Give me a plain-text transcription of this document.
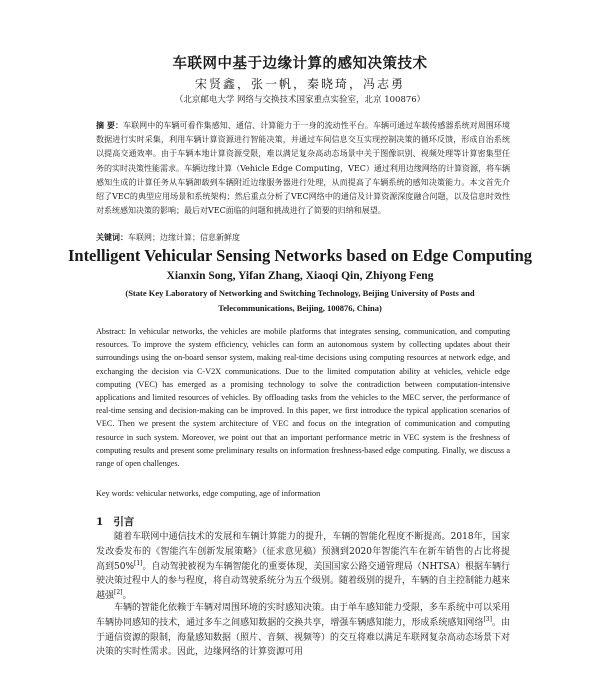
车联网中基于边缘计算的感知决策技术
宋贤鑫，张一帆，秦晓琦，冯志勇
（北京邮电大学 网络与交换技术国家重点实验室，北京 100876）
摘 要：车联网中的车辆可看作集感知、通信、计算能力于一身的流动性平台。车辆可通过车载传感器系统对周围环境数据进行实时采集，利用车辆计算资源进行智能决策，并通过车间信息交互实现控制决策的循环反馈，形成自治系统以提高交通效率。由于车辆本地计算资源受限，难以满足复杂高动态场景中关于图像识别、视频处理等计算密集型任务的实时决策性能需求。车辆边缘计算（Vehicle Edge Computing，VEC）通过利用边缘网络的计算资源，将车辆感知生成的计算任务从车辆卸载到车辆附近边缘服务器进行处理，从而提高了车辆系统的感知决策能力。本文首先介绍了VEC的典型应用场景和系统架构；然后重点分析了VEC网络中的通信及计算资源深度融合问题，以及信息时效性对系统感知决策的影响；最后对VEC面临的问题和挑战进行了简要的归纳和展望。
关键词：车联网；边缘计算；信息新鲜度
Intelligent Vehicular Sensing Networks based on Edge Computing
Xianxin Song, Yifan Zhang, Xiaoqi Qin, Zhiyong Feng
(State Key Laboratory of Networking and Switching Technology, Beijing University of Posts and Telecommunications, Beijing, 100876, China)
Abstract: In vehicular networks, the vehicles are mobile platforms that integrates sensing, communication, and computing resources. To improve the system efficiency, vehicles can form an autonomous system by collecting updates about their surroundings using the on-board sensor system, making real-time decisions using computing resources at network edge, and exchanging the decision via C-V2X communications. Due to the limited computation ability at vehicles, vehicle edge computing (VEC) has emerged as a promising technology to solve the contradiction between computation-intensive applications and limited resources of vehicles. By offloading tasks from the vehicles to the MEC server, the performance of real-time sensing and decision-making can be improved. In this paper, we first introduce the typical application scenarios of VEC. Then we present the system architecture of VEC and focus on the integration of communication and computing resource in such system. Moreover, we point out that an important performance metric in VEC system is the freshness of computing results and present some preliminary results on information freshness-based edge computing. Finally, we discuss a range of open challenges.
Key words: vehicular networks, edge computing, age of information
1 引言
随着车联网中通信技术的发展和车辆计算能力的提升，车辆的智能化程度不断提高。2018年，国家发改委发布的《智能汽车创新发展策略》（征求意见稿）预测到2020年智能汽车在新车销售的占比将提高到50%[1]。自动驾驶被视为车辆智能化的重要体现，美国国家公路交通管理局（NHTSA）根据车辆行驶决策过程中人的参与程度，将自动驾驶系统分为五个级别。随着级别的提升，车辆的自主控制能力越来越强[2]。
车辆的智能化依赖于车辆对周围环境的实时感知决策。由于单车感知能力受限，多车系统中可以采用车辆协同感知的技术，通过多车之间感知数据的交换共享，增强车辆感知能力，形成系统感知网络[3]。由于通信资源的限制，海量感知数据（照片、音频、视频等）的交互将难以满足车联网复杂高动态场景下对决策的实时性需求。因此，边缘网络的计算资源可用
